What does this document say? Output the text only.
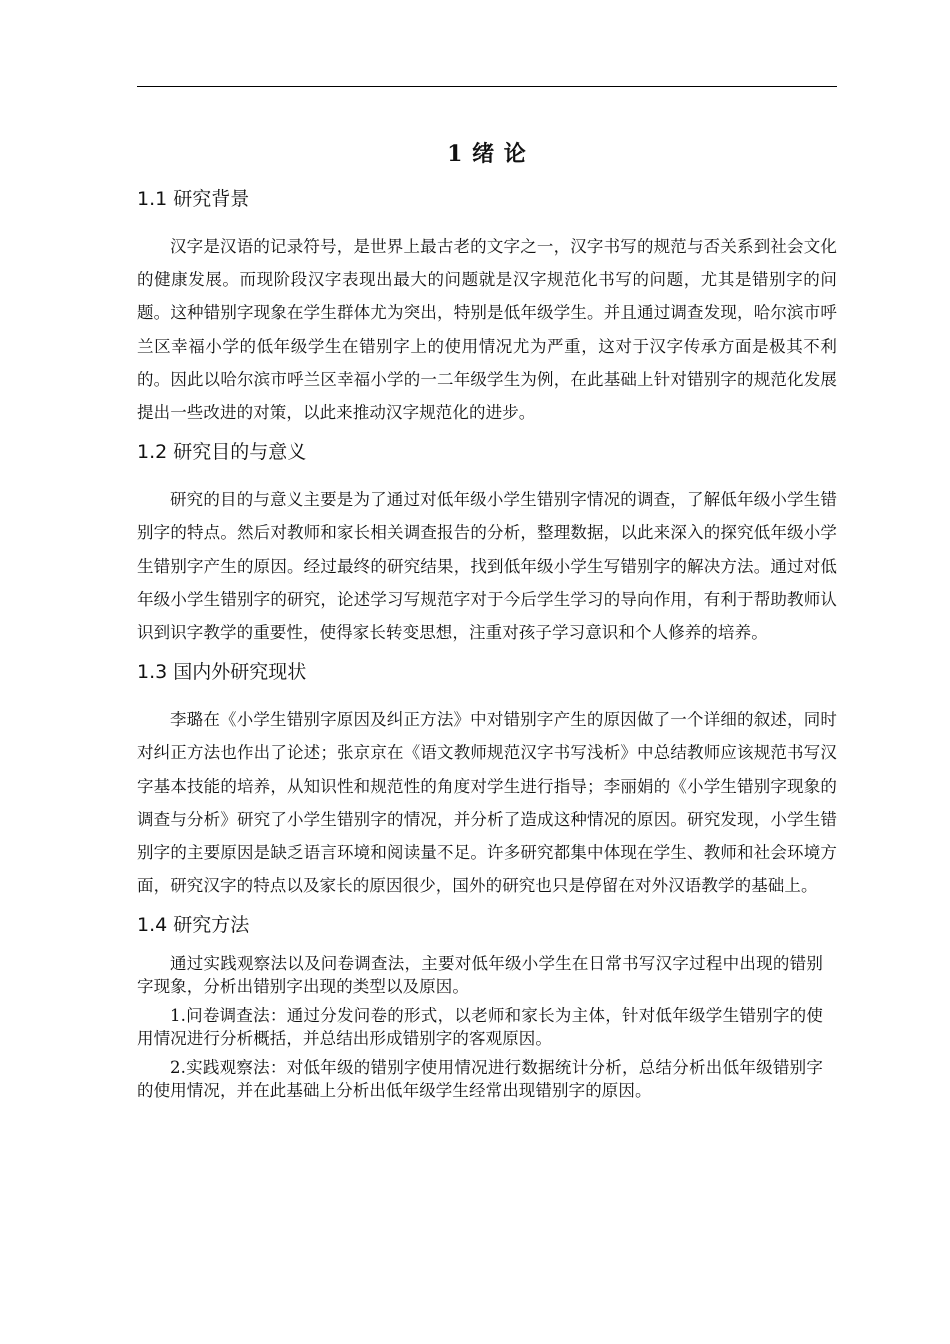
1 绪 论
1.1 研究背景

汉字是汉语的记录符号，是世界上最古老的文字之一，汉字书写的规范与否关系到社会文化的健康发展。而现阶段汉字表现出最大的问题就是汉字规范化书写的问题，尤其是错别字的问题。这种错别字现象在学生群体尤为突出，特别是低年级学生。并且通过调查发现，哈尔滨市呼兰区幸福小学的低年级学生在错别字上的使用情况尤为严重，这对于汉字传承方面是极其不利的。因此以哈尔滨市呼兰区幸福小学的一二年级学生为例，在此基础上针对错别字的规范化发展提出一些改进的对策，以此来推动汉字规范化的进步。

1.2 研究目的与意义

研究的目的与意义主要是为了通过对低年级小学生错别字情况的调查，了解低年级小学生错别字的特点。然后对教师和家长相关调查报告的分析，整理数据，以此来深入的探究低年级小学生错别字产生的原因。经过最终的研究结果，找到低年级小学生写错别字的解决方法。通过对低年级小学生错别字的研究，论述学习写规范字对于今后学生学习的导向作用，有利于帮助教师认识到识字教学的重要性，使得家长转变思想，注重对孩子学习意识和个人修养的培养。

1.3 国内外研究现状

李璐在《小学生错别字原因及纠正方法》中对错别字产生的原因做了一个详细的叙述，同时对纠正方法也作出了论述；张京京在《语文教师规范汉字书写浅析》中总结教师应该规范书写汉字基本技能的培养，从知识性和规范性的角度对学生进行指导；李丽娟的《小学生错别字现象的调查与分析》研究了小学生错别字的情况，并分析了造成这种情况的原因。研究发现，小学生错别字的主要原因是缺乏语言环境和阅读量不足。许多研究都集中体现在学生、教师和社会环境方面，研究汉字的特点以及家长的原因很少，国外的研究也只是停留在对外汉语教学的基础上。

1.4 研究方法

通过实践观察法以及问卷调查法，主要对低年级小学生在日常书写汉字过程中出现的错别字现象，分析出错别字出现的类型以及原因。

1.问卷调查法：通过分发问卷的形式，以老师和家长为主体，针对低年级学生错别字的使用情况进行分析概括，并总结出形成错别字的客观原因。

2.实践观察法：对低年级的错别字使用情况进行数据统计分析，总结分析出低年级错别字的使用情况，并在此基础上分析出低年级学生经常出现错别字的原因。
